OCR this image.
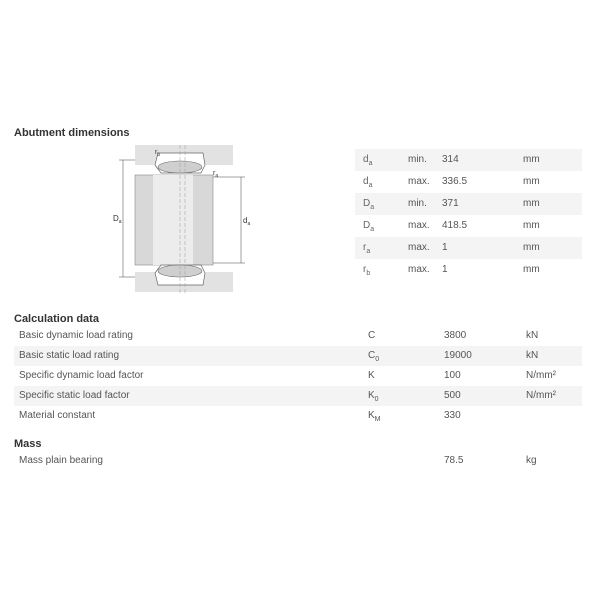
Abutment dimensions
$D_a$	$d_a$
$r_b$
$r_a$
$d_a$	min. 314	mm
$d_a$	max. 336.5	mm
$D_a$	min. 371	mm
$D_a$	max. 418.5	mm
$r_a$	max. 1	mm
$r_b$	max. 1	mm
Calculation data
Basic dynamic load rating	C	3800	kN
Basic static load rating	$C_0$	19000	kN
Specific dynamic load factor	K	100	N/mm²
Specific static load factor	$K_0$	500	N/mm²
Material constant	$K_M$	330
Mass
Mass plain bearing	78.5	kg
